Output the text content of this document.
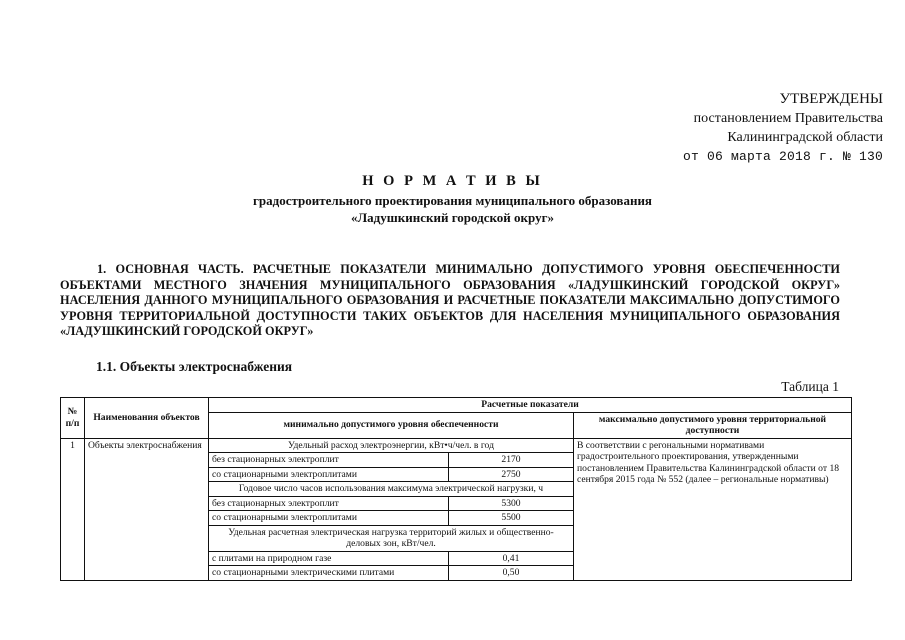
УТВЕРЖДЕНЫ
постановлением Правительства
Калининградской области
от 06 марта 2018 г. № 130
Н О Р М А Т И В Ы
градостроительного проектирования муниципального образования
«Ладушкинский городской округ»
1. ОСНОВНАЯ ЧАСТЬ. РАСЧЕТНЫЕ ПОКАЗАТЕЛИ МИНИМАЛЬНО ДОПУСТИМОГО УРОВНЯ ОБЕСПЕЧЕННОСТИ ОБЪЕКТАМИ МЕСТНОГО ЗНАЧЕНИЯ МУНИЦИПАЛЬНОГО ОБРАЗОВАНИЯ «ЛАДУШКИНСКИЙ ГОРОДСКОЙ ОКРУГ» НАСЕЛЕНИЯ ДАННОГО МУНИЦИПАЛЬНОГО ОБРАЗОВАНИЯ И РАСЧЕТНЫЕ ПОКАЗАТЕЛИ МАКСИМАЛЬНО ДОПУСТИМОГО УРОВНЯ ТЕРРИТОРИАЛЬНОЙ ДОСТУПНОСТИ ТАКИХ ОБЪЕКТОВ ДЛЯ НАСЕЛЕНИЯ МУНИЦИПАЛЬНОГО ОБРАЗОВАНИЯ «ЛАДУШКИНСКИЙ ГОРОДСКОЙ ОКРУГ»
1.1. Объекты электроснабжения
Таблица 1
№ п/п	Наименования объектов	Расчетные показатели		
		минимально допустимого уровня обеспеченности		максимально допустимого уровня территориальной доступности
1	Объекты электроснабжения	Удельный расход электроэнергии, кВт•ч/чел. в год		В соответствии с регональными нормативами градостроительного проектирования, утвержденными постановлением Правительства Калининградской области от 18 сентября 2015 года № 552 (далее – региональные нормативы)
		без стационарных электроплит	2170	
		со стационарными электроплитами	2750	
		Годовое число часов использования максимума электрической нагрузки, ч		
		без стационарных электроплит	5300	
		со стационарными электроплитами	5500	
		Удельная расчетная электрическая нагрузка территорий жилых и общественно-деловых зон, кВт/чел.		
		с плитами на природном газе	0,41	
		со стационарными электрическими плитами	0,50	
